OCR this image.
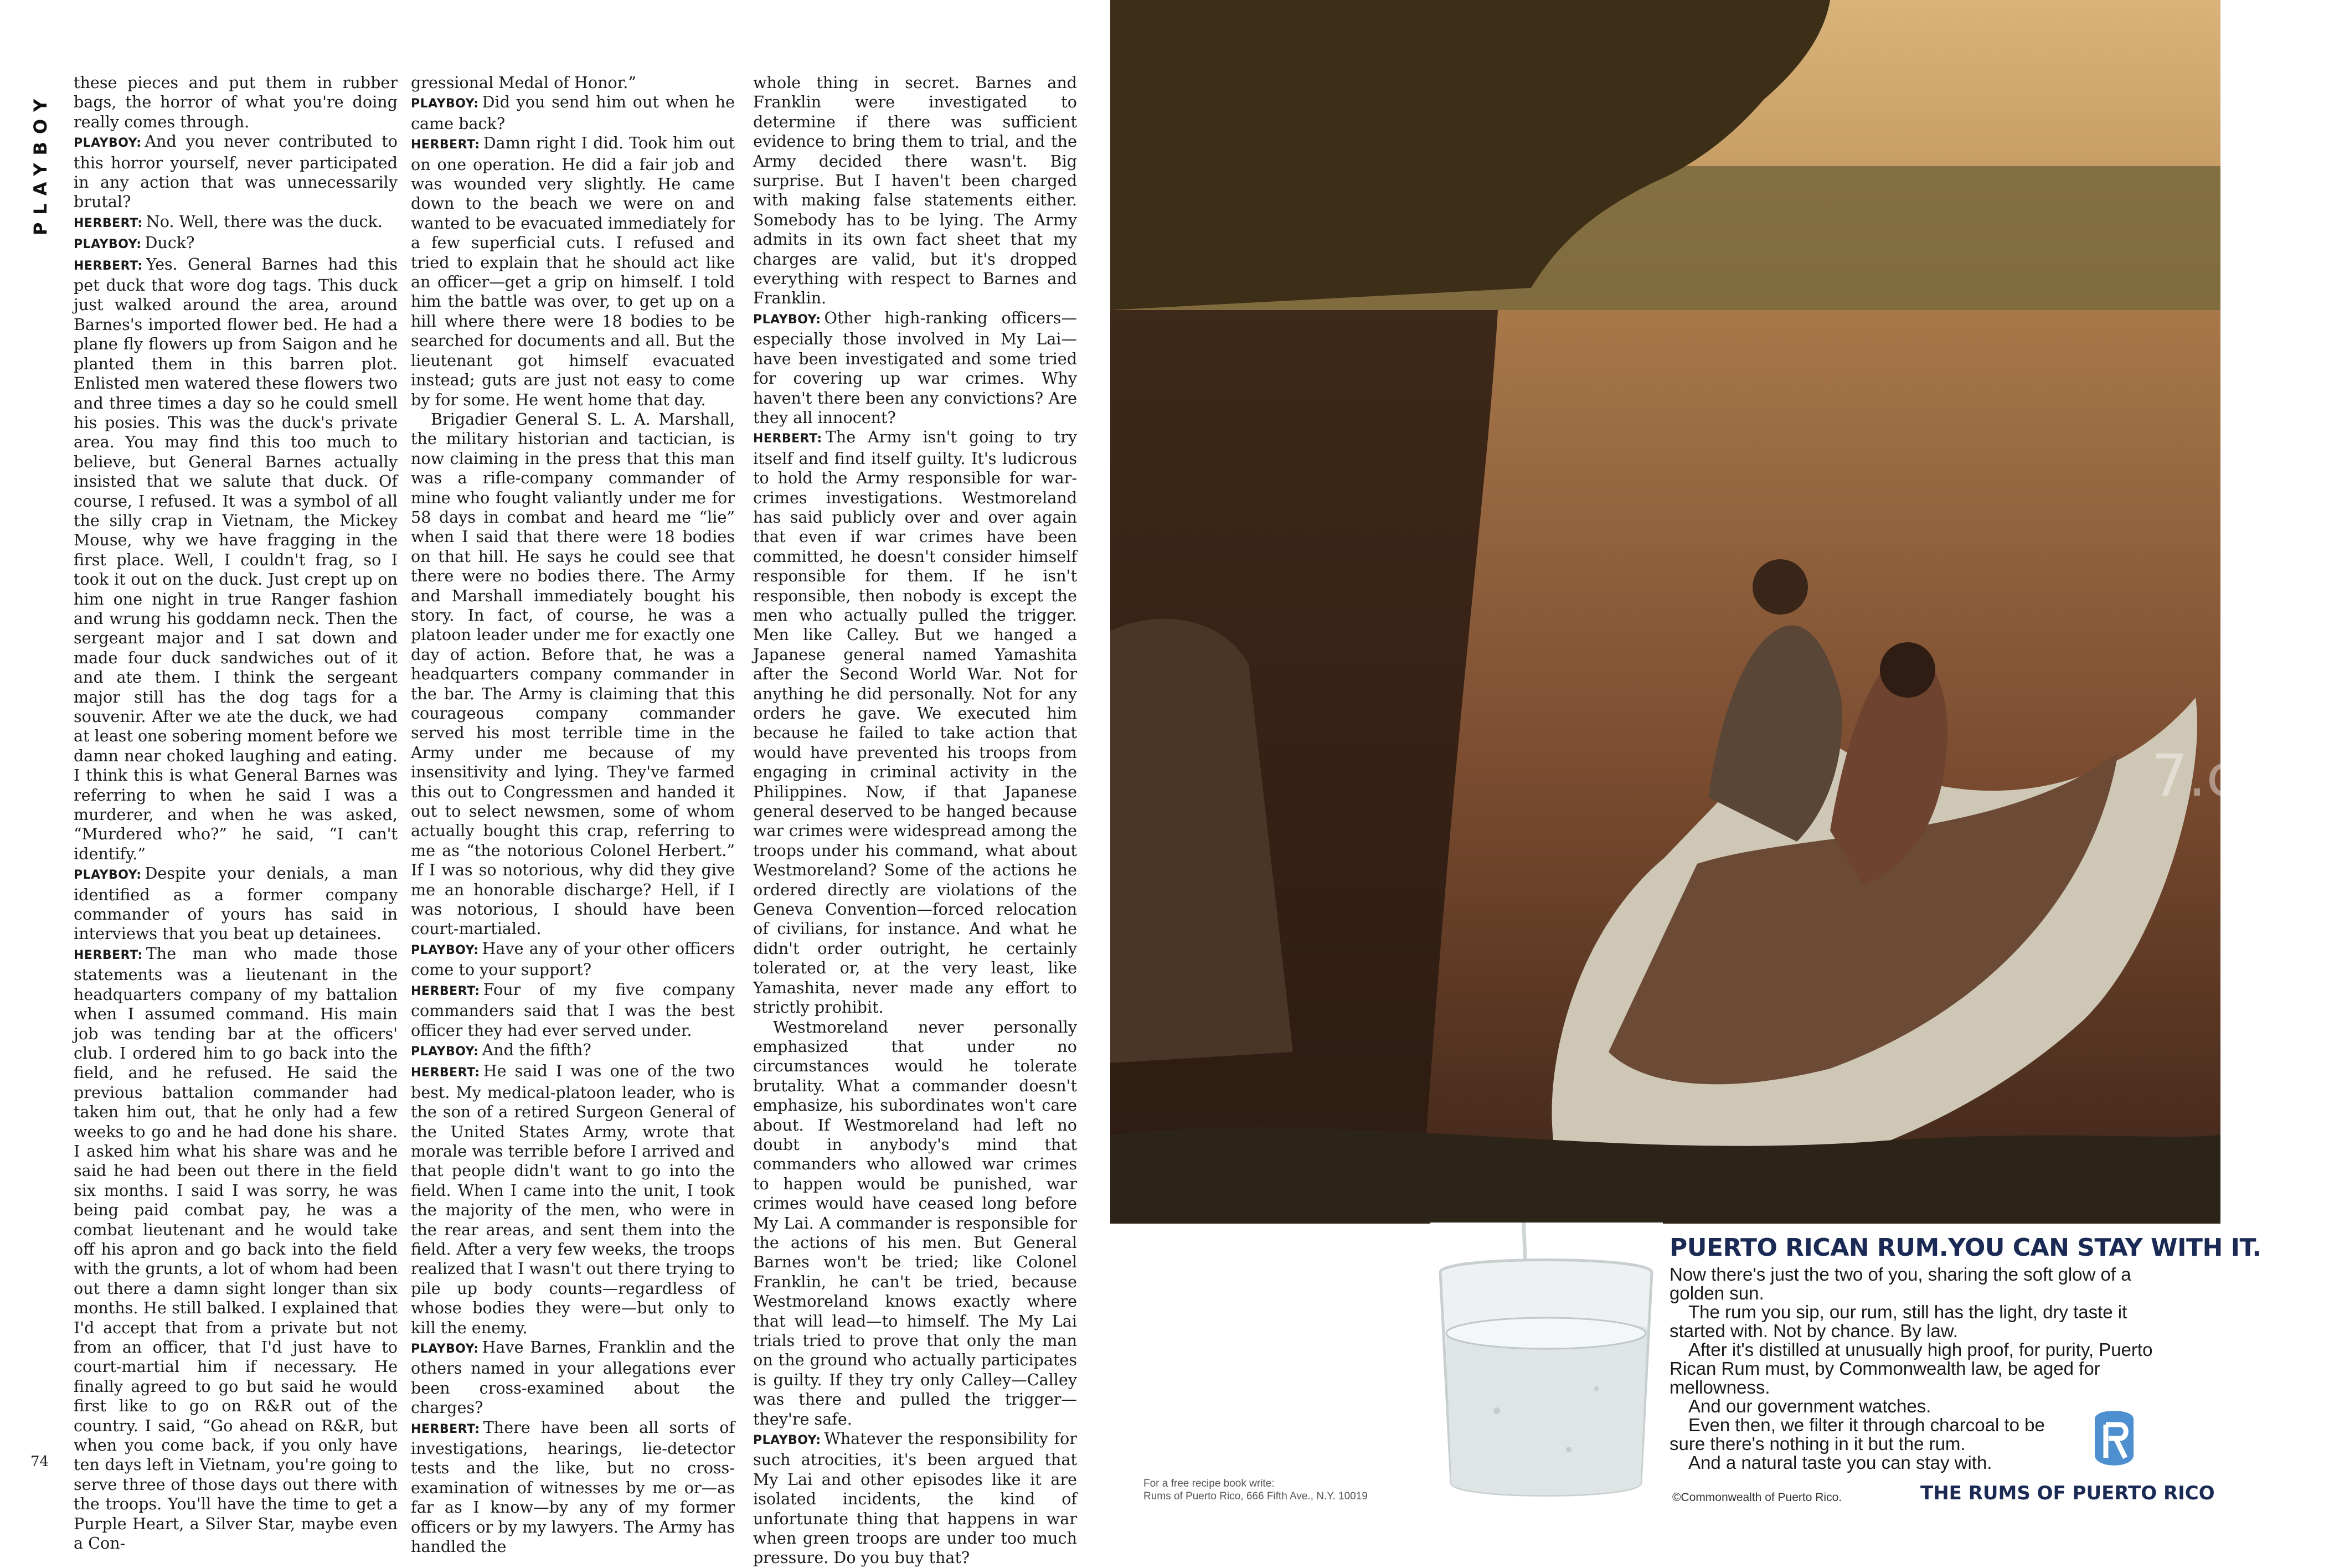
PLAYBOY

these pieces and put them in rubber bags, the horror of what you're doing really comes through.

PLAYBOY: And you never contributed to this horror yourself, never participated in any action that was unnecessarily brutal?

HERBERT: No. Well, there was the duck.

PLAYBOY: Duck?

HERBERT: Yes. General Barnes had this pet duck that wore dog tags. This duck just walked around the area, around Barnes's imported flower bed. He had a plane fly flowers up from Saigon and he planted them in this barren plot. Enlisted men watered these flowers two and three times a day so he could smell his posies. This was the duck's private area. You may find this too much to believe, but General Barnes actually insisted that we salute that duck. Of course, I refused. It was a symbol of all the silly crap in Vietnam, the Mickey Mouse, why we have fragging in the first place. Well, I couldn't frag, so I took it out on the duck. Just crept up on him one night in true Ranger fashion and wrung his goddamn neck. Then the sergeant major and I sat down and made four duck sandwiches out of it and ate them. I think the sergeant major still has the dog tags for a souvenir. After we ate the duck, we had at least one sobering moment before we damn near choked laughing and eating. I think this is what General Barnes was referring to when he said I was a murderer, and when he was asked, “Murdered who?” he said, “I can't identify.”

PLAYBOY: Despite your denials, a man identified as a former company commander of yours has said in interviews that you beat up detainees.

HERBERT: The man who made those statements was a lieutenant in the headquarters company of my battalion when I assumed command. His main job was tending bar at the officers' club. I ordered him to go back into the field, and he refused. He said the previous battalion commander had taken him out, that he only had a few weeks to go and he had done his share. I asked him what his share was and he said he had been out there in the field six months. I said I was sorry, he was being paid combat pay, he was a combat lieutenant and he would take off his apron and go back into the field with the grunts, a lot of whom had been out there a damn sight longer than six months. He still balked. I explained that I'd accept that from a private but not from an officer, that I'd just have to court-martial him if necessary. He finally agreed to go but said he would first like to go on R&R out of the country. I said, “Go ahead on R&R, but when you come back, if you only have ten days left in Vietnam, you're going to serve three of those days out there with the troops. You'll have the time to get a Purple Heart, a Silver Star, maybe even a Con-

gressional Medal of Honor.”

PLAYBOY: Did you send him out when he came back?

HERBERT: Damn right I did. Took him out on one operation. He did a fair job and was wounded very slightly. He came down to the beach we were on and wanted to be evacuated immediately for a few superficial cuts. I refused and tried to explain that he should act like an officer—get a grip on himself. I told him the battle was over, to get up on a hill where there were 18 bodies to be searched for documents and all. But the lieutenant got himself evacuated instead; guts are just not easy to come by for some. He went home that day.

Brigadier General S. L. A. Marshall, the military historian and tactician, is now claiming in the press that this man was a rifle-company commander of mine who fought valiantly under me for 58 days in combat and heard me “lie” when I said that there were 18 bodies on that hill. He says he could see that there were no bodies there. The Army and Marshall immediately bought his story. In fact, of course, he was a platoon leader under me for exactly one day of action. Before that, he was a headquarters company commander in the bar. The Army is claiming that this courageous company commander served his most terrible time in the Army under me because of my insensitivity and lying. They've farmed this out to Congressmen and handed it out to select newsmen, some of whom actually bought this crap, referring to me as “the notorious Colonel Herbert.” If I was so notorious, why did they give me an honorable discharge? Hell, if I was notorious, I should have been court-martialed.

PLAYBOY: Have any of your other officers come to your support?

HERBERT: Four of my five company commanders said that I was the best officer they had ever served under.

PLAYBOY: And the fifth?

HERBERT: He said I was one of the two best. My medical-platoon leader, who is the son of a retired Surgeon General of the United States Army, wrote that morale was terrible before I arrived and that people didn't want to go into the field. When I came into the unit, I took the majority of the men, who were in the rear areas, and sent them into the field. After a very few weeks, the troops realized that I wasn't out there trying to pile up body counts—regardless of whose bodies they were—but only to kill the enemy.

PLAYBOY: Have Barnes, Franklin and the others named in your allegations ever been cross-examined about the charges?

HERBERT: There have been all sorts of investigations, hearings, lie-detector tests and the like, but no cross-examination of witnesses by me or—as far as I know—by any of my former officers or by my lawyers. The Army has handled the

whole thing in secret. Barnes and Franklin were investigated to determine if there was sufficient evidence to bring them to trial, and the Army decided there wasn't. Big surprise. But I haven't been charged with making false statements either. Somebody has to be lying. The Army admits in its own fact sheet that my charges are valid, but it's dropped everything with respect to Barnes and Franklin.

PLAYBOY: Other high-ranking officers—especially those involved in My Lai—have been investigated and some tried for covering up war crimes. Why haven't there been any convictions? Are they all innocent?

HERBERT: The Army isn't going to try itself and find itself guilty. It's ludicrous to hold the Army responsible for war-crimes investigations. Westmoreland has said publicly over and over again that even if war crimes have been committed, he doesn't consider himself responsible for them. If he isn't responsible, then nobody is except the men who actually pulled the trigger. Men like Calley. But we hanged a Japanese general named Yamashita after the Second World War. Not for anything he did personally. Not for any orders he gave. We executed him because he failed to take action that would have prevented his troops from engaging in criminal activity in the Philippines. Now, if that Japanese general deserved to be hanged because war crimes were widespread among the troops under his command, what about Westmoreland? Some of the actions he ordered directly are violations of the Geneva Convention—forced relocation of civilians, for instance. And what he didn't order outright, he certainly tolerated or, at the very least, like Yamashita, never made any effort to strictly prohibit.

Westmoreland never personally emphasized that under no circumstances would he tolerate brutality. What a commander doesn't emphasize, his subordinates won't care about. If Westmoreland had left no doubt in anybody's mind that commanders who allowed war crimes to happen would be punished, war crimes would have ceased long before My Lai. A commander is responsible for the actions of his men. But General Barnes won't be tried; like Colonel Franklin, he can't be tried, because Westmoreland knows exactly where that will lead—to himself. The My Lai trials tried to prove that only the man on the ground who actually participates is guilty. If they try only Calley—Calley was there and pulled the trigger—they're safe.

PLAYBOY: Whatever the responsibility for such atrocities, it's been argued that My Lai and other episodes like it are isolated incidents, the kind of unfortunate thing that happens in war when green troops are under too much pressure. Do you buy that?

74
7.com
PUERTO RICAN RUM.YOU CAN STAY WITH IT.

Now there's just the two of you, sharing the soft glow of a golden sun.

The rum you sip, our rum, still has the light, dry taste it started with. Not by chance. By law.

After it's distilled at unusually high proof, for purity, Puerto Rican Rum must, by Commonwealth law, be aged for mellowness.

And our government watches.

Even then, we filter it through charcoal to be sure there's nothing in it but the rum.

And a natural taste you can stay with.

For a free recipe book write:
Rums of Puerto Rico, 666 Fifth Ave., N.Y. 10019	©Commonwealth of Puerto Rico.	THE RUMS OF PUERTO RICO
